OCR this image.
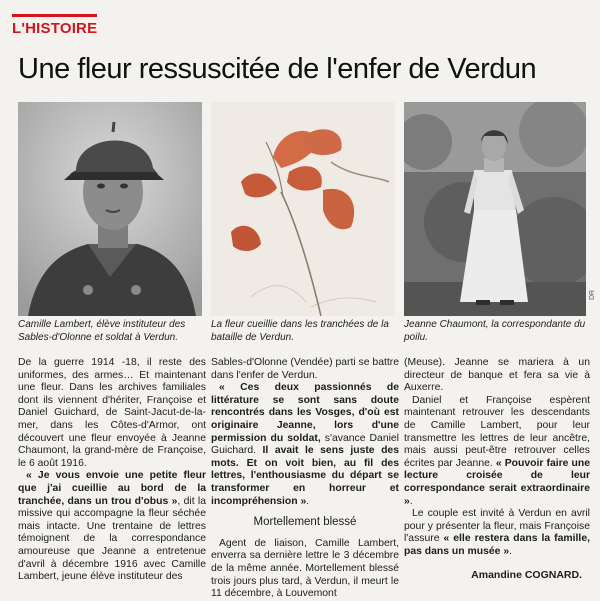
L'HISTOIRE
Une fleur ressuscitée de l'enfer de Verdun
DR
Camille Lambert, élève instituteur des Sables-d'Olonne et soldat à Verdun.
La fleur cueillie dans les tranchées de la bataille de Verdun.
Jeanne Chaumont, la correspondante du poilu.

De la guerre 1914 -18, il reste des uniformes, des armes… Et maintenant une fleur. Dans les archives familiales dont ils viennent d'hériter, Françoise et Daniel Guichard, de Saint-Jacut-de-la-mer, dans les Côtes-d'Armor, ont découvert une fleur envoyée à Jeanne Chaumont, la grand-mère de Françoise, le 6 août 1916.

« Je vous envoie une petite fleur que j'ai cueillie au bord de la tranchée, dans un trou d'obus », dit la missive qui accompagne la fleur séchée mais intacte. Une trentaine de lettres témoignent de la correspondance amoureuse que Jeanne a entretenue d'avril à décembre 1916 avec Camille Lambert, jeune élève instituteur des

Sables-d'Olonne (Vendée) parti se battre dans l'enfer de Verdun.

« Ces deux passionnés de littérature se sont sans doute rencontrés dans les Vosges, d'où est originaire Jeanne, lors d'une permission du soldat, s'avance Daniel Guichard. Il avait le sens juste des mots. Et on voit bien, au fil des lettres, l'enthousiasme du départ se transformer en horreur et incompréhension ».

Mortellement blessé

Agent de liaison, Camille Lambert, enverra sa dernière lettre le 3 décembre de la même année. Mortellement blessé trois jours plus tard, à Verdun, il meurt le 11 décembre, à Louvemont

(Meuse). Jeanne se mariera à un directeur de banque et fera sa vie à Auxerre.

Daniel et Françoise espèrent maintenant retrouver les descendants de Camille Lambert, pour leur transmettre les lettres de leur ancêtre, mais aussi peut-être retrouver celles écrites par Jeanne. « Pouvoir faire une lecture croisée de leur correspondance serait extraordinaire ».

Le couple est invité à Verdun en avril pour y présenter la fleur, mais Françoise l'assure « elle restera dans la famille, pas dans un musée ».

Amandine COGNARD.
